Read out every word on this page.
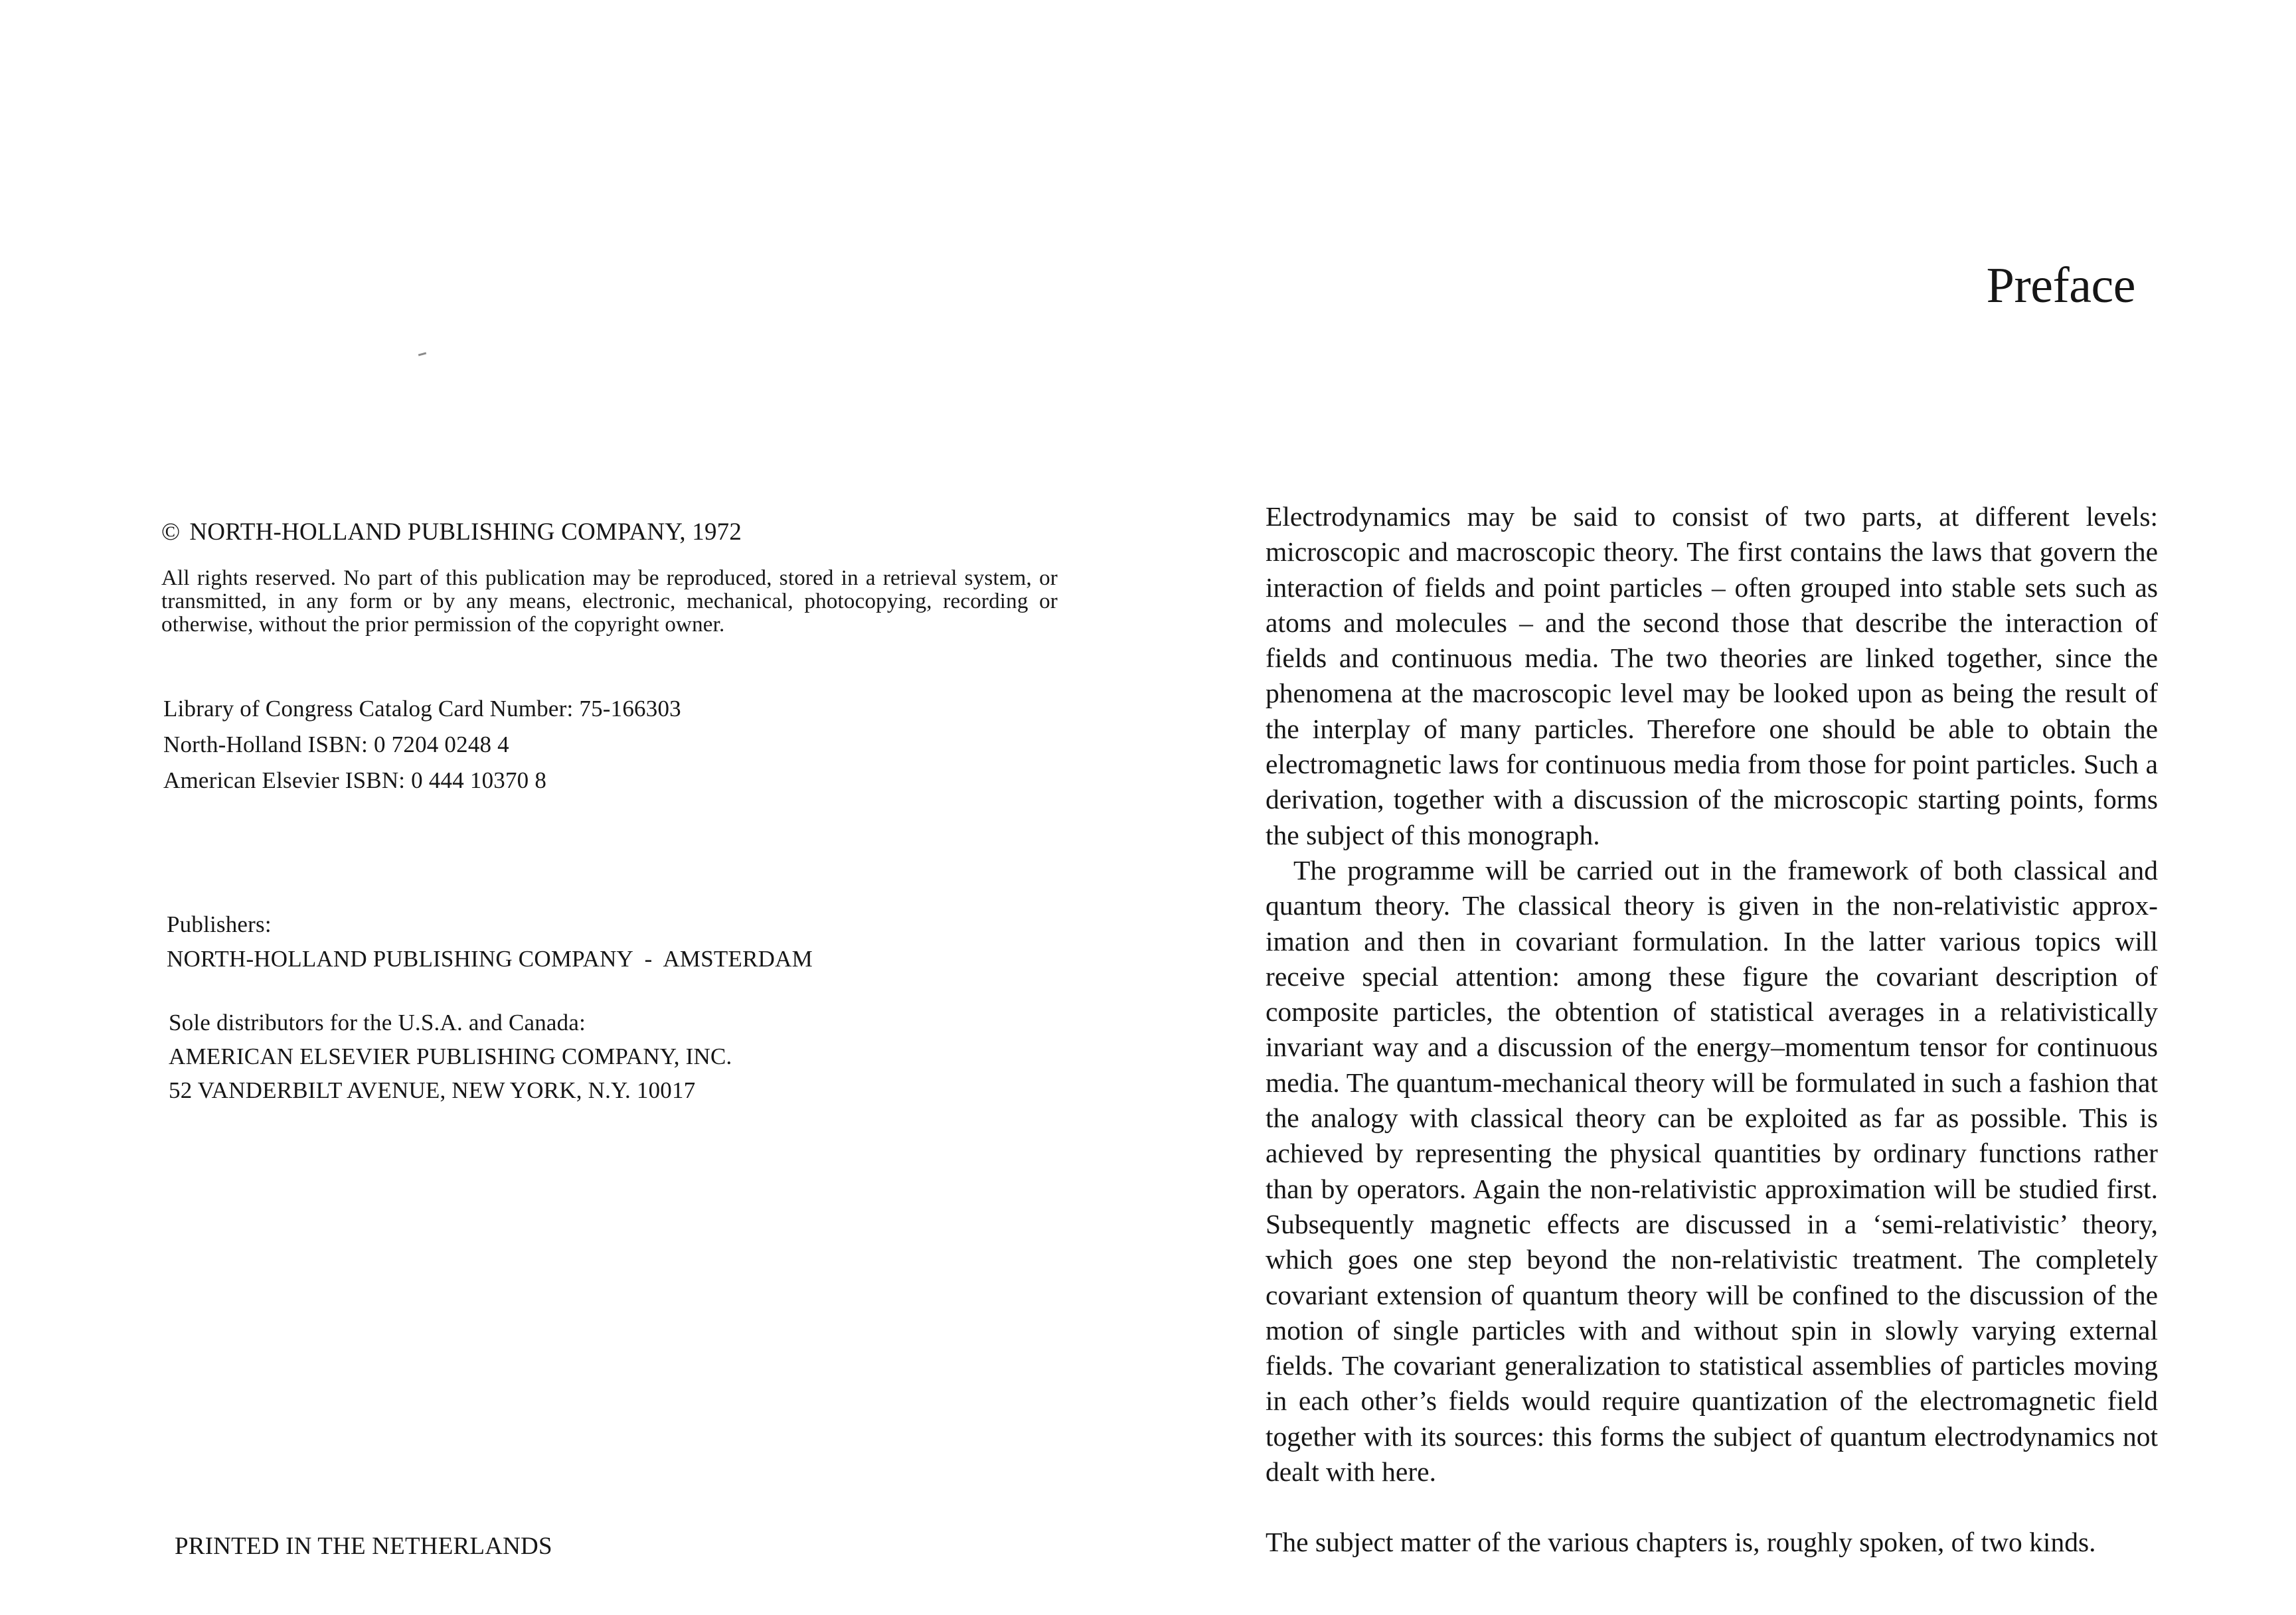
© NORTH-HOLLAND PUBLISHING COMPANY, 1972
All rights reserved. No part of this publication may be reproduced, stored in a retrieval system, or transmitted, in any form or by any means, electronic, mechanical, photocopying, recording or otherwise, without the prior permission of the copyright owner.
Library of Congress Catalog Card Number: 75-166303
North-Holland ISBN: 0 7204 0248 4
American Elsevier ISBN: 0 444 10370 8
Publishers:
NORTH-HOLLAND PUBLISHING COMPANY  -  AMSTERDAM
Sole distributors for the U.S.A. and Canada:
AMERICAN ELSEVIER PUBLISHING COMPANY, INC.
52 VANDERBILT AVENUE, NEW YORK, N.Y. 10017
PRINTED IN THE NETHERLANDS
Preface

Electrodynamics may be said to consist of two parts, at different levels: microscopic and macroscopic theory. The first contains the laws that govern the interaction of fields and point particles – often grouped into stable sets such as atoms and molecules – and the second those that describe the interaction of fields and continuous media. The two theories are linked together, since the phenomena at the macroscopic level may be looked upon as being the result of the interplay of many particles. Therefore one should be able to obtain the electromagnetic laws for continuous media from those for point particles. Such a derivation, together with a discussion of the microscopic starting points, forms the subject of this monograph.

The programme will be carried out in the framework of both classical and quantum theory. The classical theory is given in the non-relativistic approximation and then in covariant formulation. In the latter various topics will receive special attention: among these figure the covariant description of composite particles, the obtention of statistical averages in a relativistically invariant way and a discussion of the energy–momentum tensor for continuous media. The quantum-mechanical theory will be formulated in such a fashion that the analogy with classical theory can be exploited as far as possible. This is achieved by representing the physical quantities by ordinary functions rather than by operators. Again the non-relativistic approximation will be studied first. Subsequently magnetic effects are discussed in a ‘semi-relativistic’ theory, which goes one step beyond the non-relativistic treatment. The completely covariant extension of quantum theory will be confined to the discussion of the motion of single particles with and without spin in slowly varying external fields. The covariant generalization to statistical assemblies of particles moving in each other’s fields would require quantization of the electromagnetic field together with its sources: this forms the subject of quantum electrodynamics not dealt with here.

The subject matter of the various chapters is, roughly spoken, of two kinds.
